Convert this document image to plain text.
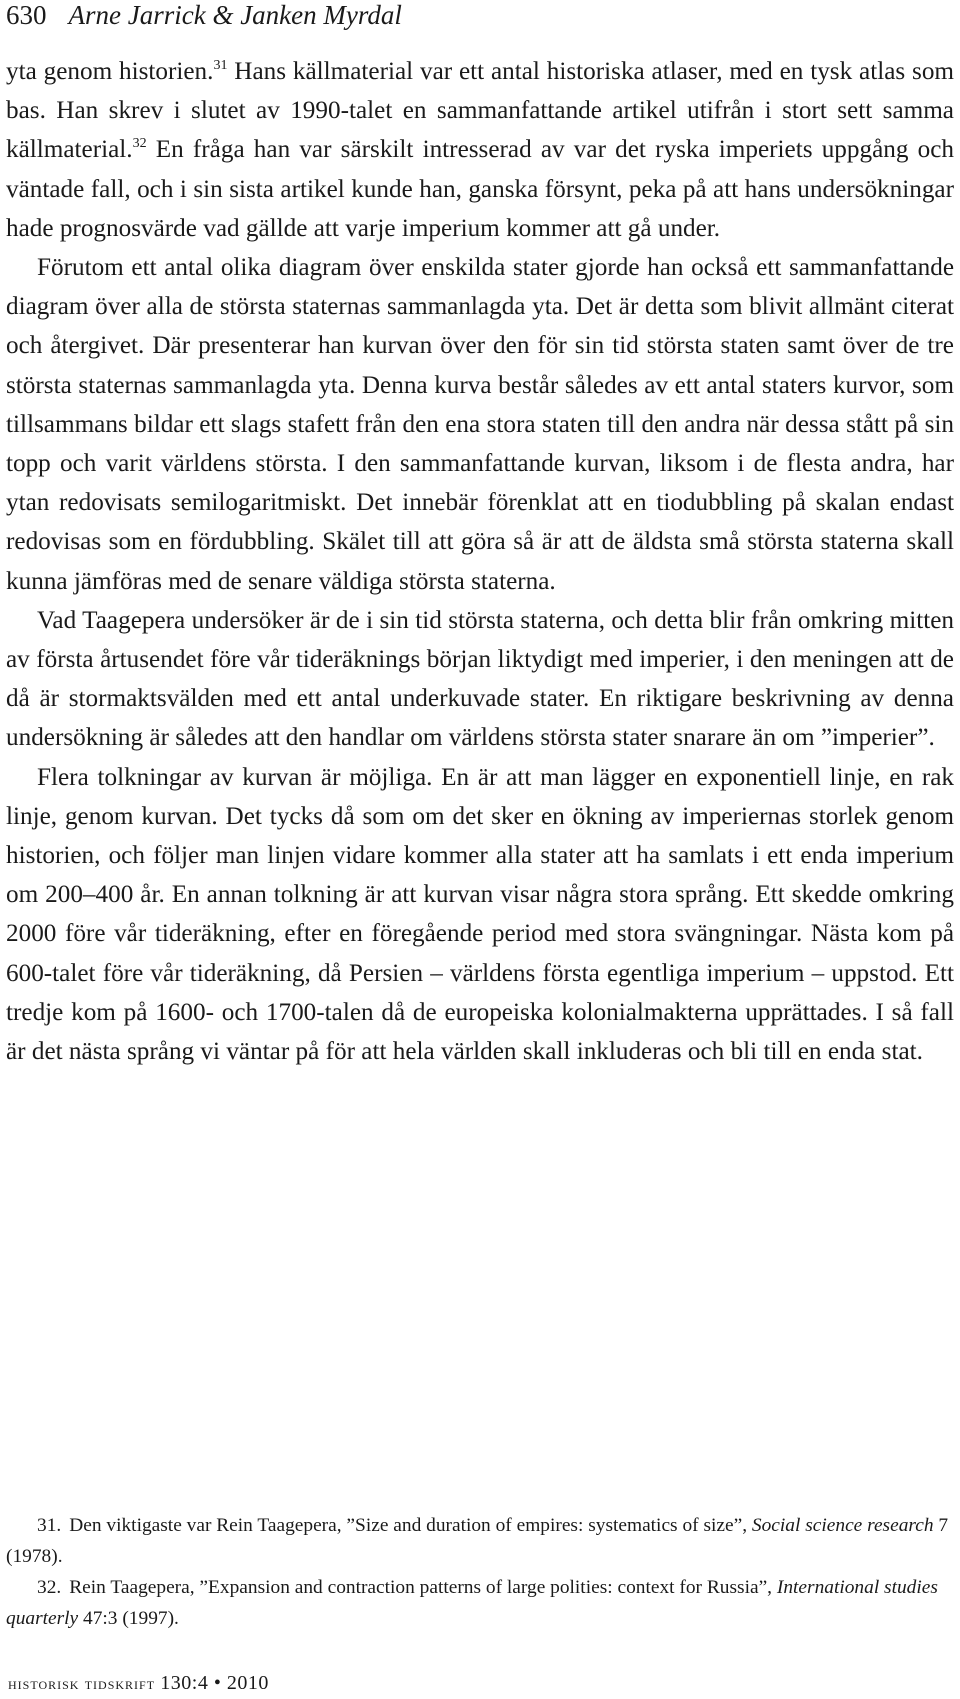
630 Arne Jarrick & Janken Myrdal

yta genom historien.$^{31}$ Hans källmaterial var ett antal historiska atlaser, med en tysk atlas som bas. Han skrev i slutet av 1990-talet en sammanfattande artikel utifrån i stort sett samma källmaterial.$^{32}$ En fråga han var särskilt intresserad av var det ryska imperiets uppgång och väntade fall, och i sin sista artikel kunde han, ganska försynt, peka på att hans undersökningar hade prognosvärde vad gällde att varje imperium kommer att gå under.

Förutom ett antal olika diagram över enskilda stater gjorde han också ett sammanfattande diagram över alla de största staternas sammanlagda yta. Det är detta som blivit allmänt citerat och återgivet. Där presenterar han kurvan över den för sin tid största staten samt över de tre största staternas sammanlagda yta. Denna kurva består således av ett antal staters kurvor, som tillsammans bildar ett slags stafett från den ena stora staten till den andra när dessa stått på sin topp och varit världens största. I den sammanfattande kurvan, liksom i de flesta andra, har ytan redovisats semilogaritmiskt. Det innebär förenklat att en tiodubbling på skalan endast redovisas som en fördubbling. Skälet till att göra så är att de äldsta små största staterna skall kunna jämföras med de senare väldiga största staterna.

Vad Taagepera undersöker är de i sin tid största staterna, och detta blir från omkring mitten av första årtusendet före vår tideräknings början liktydigt med imperier, i den meningen att de då är stormaktsvälden med ett antal underkuvade stater. En riktigare beskrivning av denna undersökning är således att den handlar om världens största stater snarare än om ”imperier”.

Flera tolkningar av kurvan är möjliga. En är att man lägger en exponentiell linje, en rak linje, genom kurvan. Det tycks då som om det sker en ökning av imperiernas storlek genom historien, och följer man linjen vidare kommer alla stater att ha samlats i ett enda imperium om 200–400 år. En annan tolkning är att kurvan visar några stora språng. Ett skedde omkring 2000 före vår tideräkning, efter en föregående period med stora svängningar. Nästa kom på 600-talet före vår tideräkning, då Persien – världens första egentliga imperium – uppstod. Ett tredje kom på 1600- och 1700-talen då de europeiska kolonialmakterna upprättades. I så fall är det nästa språng vi väntar på för att hela världen skall inkluderas och bli till en enda stat.

31. Den viktigaste var Rein Taagepera, ”Size and duration of empires: systematics of size”, Social science research 7 (1978).

32. Rein Taagepera, ”Expansion and contraction patterns of large polities: context for Russia”, International studies quarterly 47:3 (1997).

historisk tidskrift 130:4 • 2010
